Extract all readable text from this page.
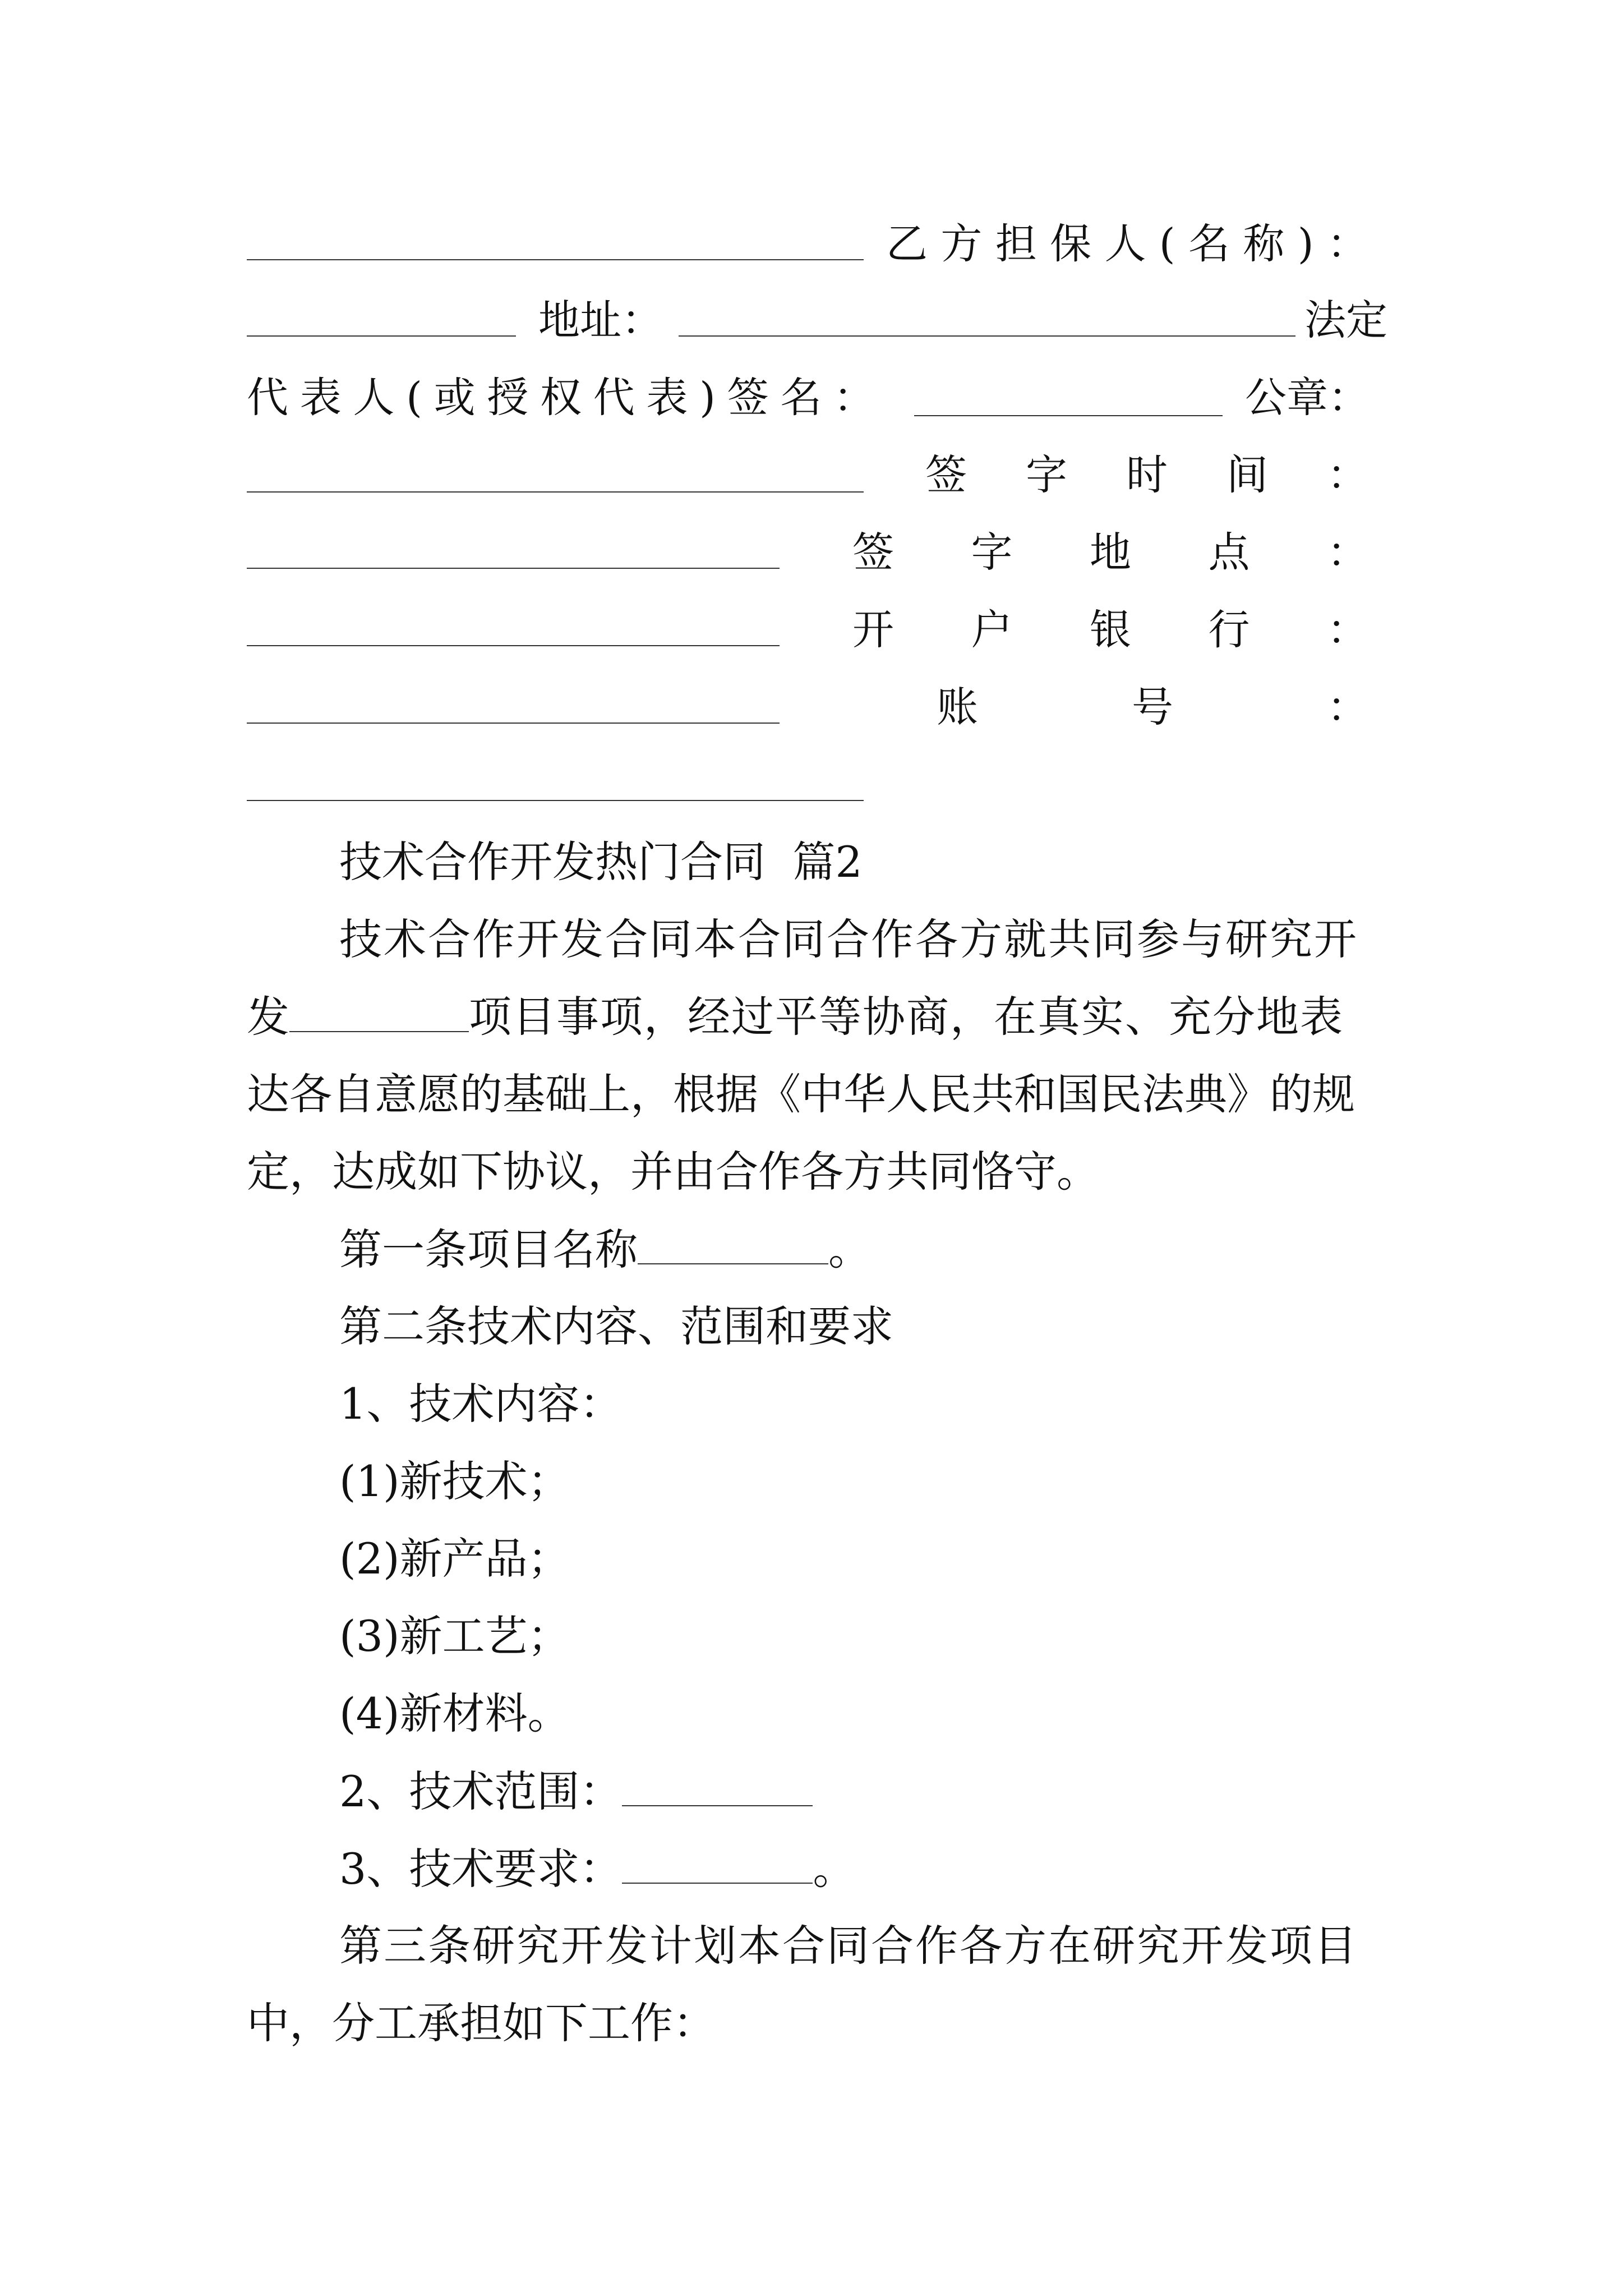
乙 方 担 保 人 ( 名 称 ) ：
地址：	法定
代 表 人 ( 或 授 权 代 表 ) 签 名 ：	公 章 ：
签 字 时 间 ：
签 字 地 点 ：
开 户 银 行 ：
账	号	：
技术合作开发热门合同  篇2
技术合作开发合同本合同合作各方就共同参与研究开
发	项目事项，经过平等协商，在真实、充分地表
达各自意愿的基础上，根据《中华人民共和国民法典》的规
定，达成如下协议，并由合作各方共同恪守。
第一条项目名称	。
第二条技术内容、范围和要求
1、技术内容：
(1)新技术；
(2)新产品；
(3)新工艺；
(4)新材料。
2、技术范围：
3、技术要求：	。
第三条研究开发计划本合同合作各方在研究开发项目
中，分工承担如下工作：
